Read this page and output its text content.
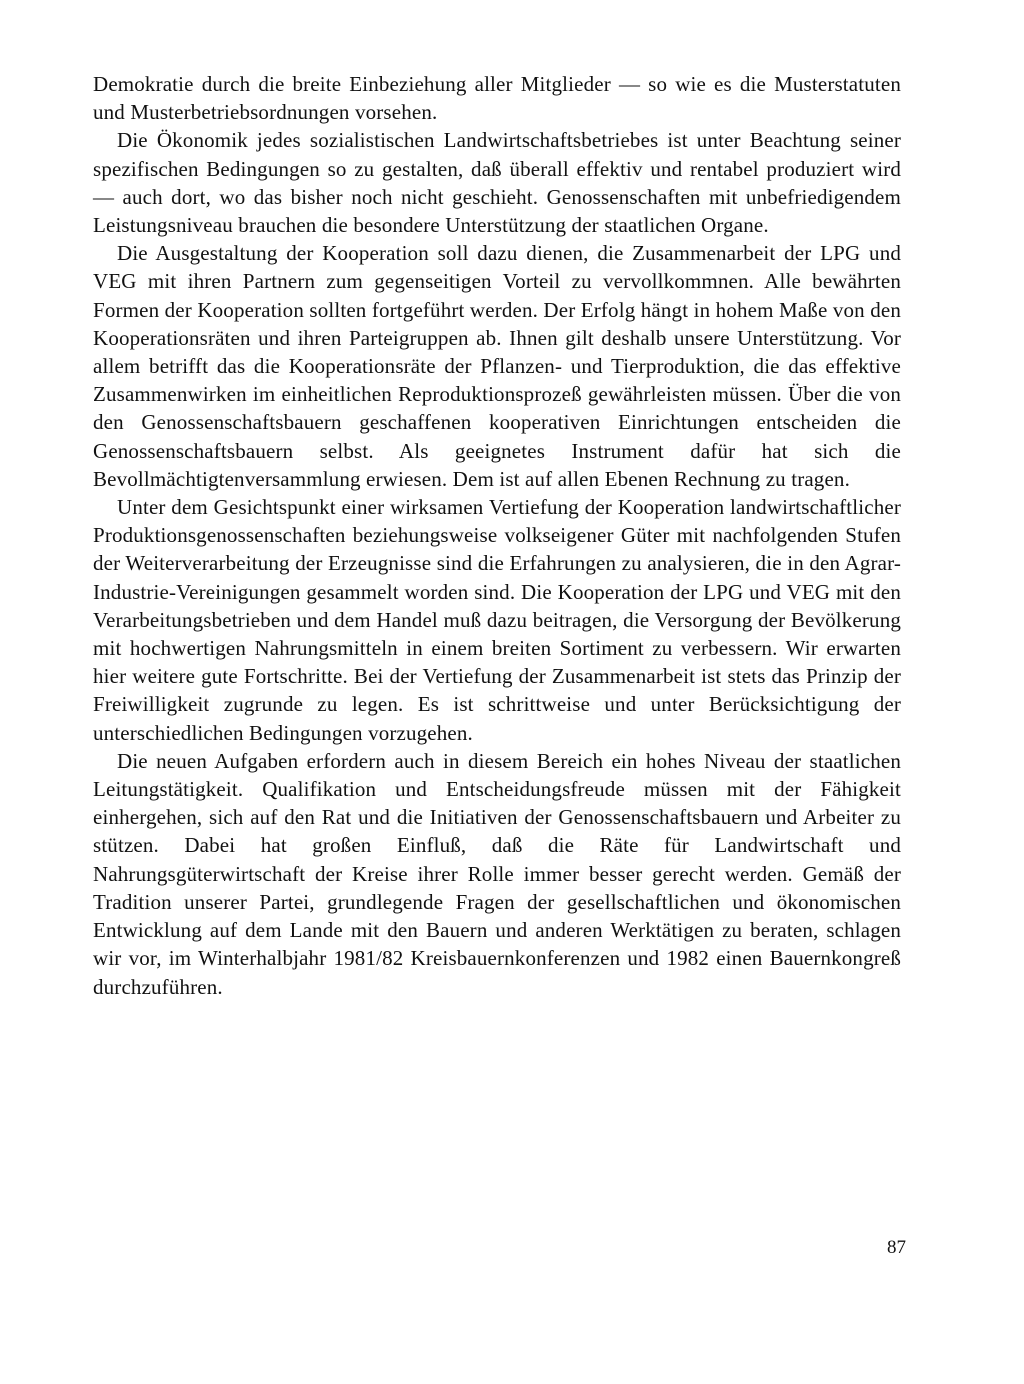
Demokratie durch die breite Einbeziehung aller Mitglieder — so wie es die Musterstatuten und Musterbetriebsordnungen vorsehen.

Die Ökonomik jedes sozialistischen Landwirtschaftsbetriebes ist unter Beachtung seiner spezifischen Bedingungen so zu gestalten, daß überall effektiv und rentabel produziert wird — auch dort, wo das bisher noch nicht geschieht. Genossenschaften mit unbefriedigendem Leistungsniveau brauchen die besondere Unterstützung der staatlichen Organe.

Die Ausgestaltung der Kooperation soll dazu dienen, die Zusammenarbeit der LPG und VEG mit ihren Partnern zum gegenseitigen Vorteil zu vervollkommnen. Alle bewährten Formen der Kooperation sollten fortgeführt werden. Der Erfolg hängt in hohem Maße von den Kooperationsräten und ihren Parteigruppen ab. Ihnen gilt deshalb unsere Unterstützung. Vor allem betrifft das die Kooperationsräte der Pflanzen- und Tierproduktion, die das effektive Zusammenwirken im einheitlichen Reproduktionsprozeß gewährleisten müssen. Über die von den Genossenschaftsbauern geschaffenen kooperativen Einrichtungen entscheiden die Genossenschaftsbauern selbst. Als geeignetes Instrument dafür hat sich die Bevollmächtigtenversammlung erwiesen. Dem ist auf allen Ebenen Rechnung zu tragen.

Unter dem Gesichtspunkt einer wirksamen Vertiefung der Kooperation landwirtschaftlicher Produktionsgenossenschaften beziehungsweise volkseigener Güter mit nachfolgenden Stufen der Weiterverarbeitung der Erzeugnisse sind die Erfahrungen zu analysieren, die in den Agrar-Industrie-Vereinigungen gesammelt worden sind. Die Kooperation der LPG und VEG mit den Verarbeitungsbetrieben und dem Handel muß dazu beitragen, die Versorgung der Bevölkerung mit hochwertigen Nahrungsmitteln in einem breiten Sortiment zu verbessern. Wir erwarten hier weitere gute Fortschritte. Bei der Vertiefung der Zusammenarbeit ist stets das Prinzip der Freiwilligkeit zugrunde zu legen. Es ist schrittweise und unter Berücksichtigung der unterschiedlichen Bedingungen vorzugehen.

Die neuen Aufgaben erfordern auch in diesem Bereich ein hohes Niveau der staatlichen Leitungstätigkeit. Qualifikation und Entscheidungsfreude müssen mit der Fähigkeit einhergehen, sich auf den Rat und die Initiativen der Genossenschaftsbauern und Arbeiter zu stützen. Dabei hat großen Einfluß, daß die Räte für Landwirtschaft und Nahrungsgüterwirtschaft der Kreise ihrer Rolle immer besser gerecht werden. Gemäß der Tradition unserer Partei, grundlegende Fragen der gesellschaftlichen und ökonomischen Entwicklung auf dem Lande mit den Bauern und anderen Werktätigen zu beraten, schlagen wir vor, im Winterhalbjahr 1981/82 Kreisbauernkonferenzen und 1982 einen Bauernkongreß durchzuführen.

87
